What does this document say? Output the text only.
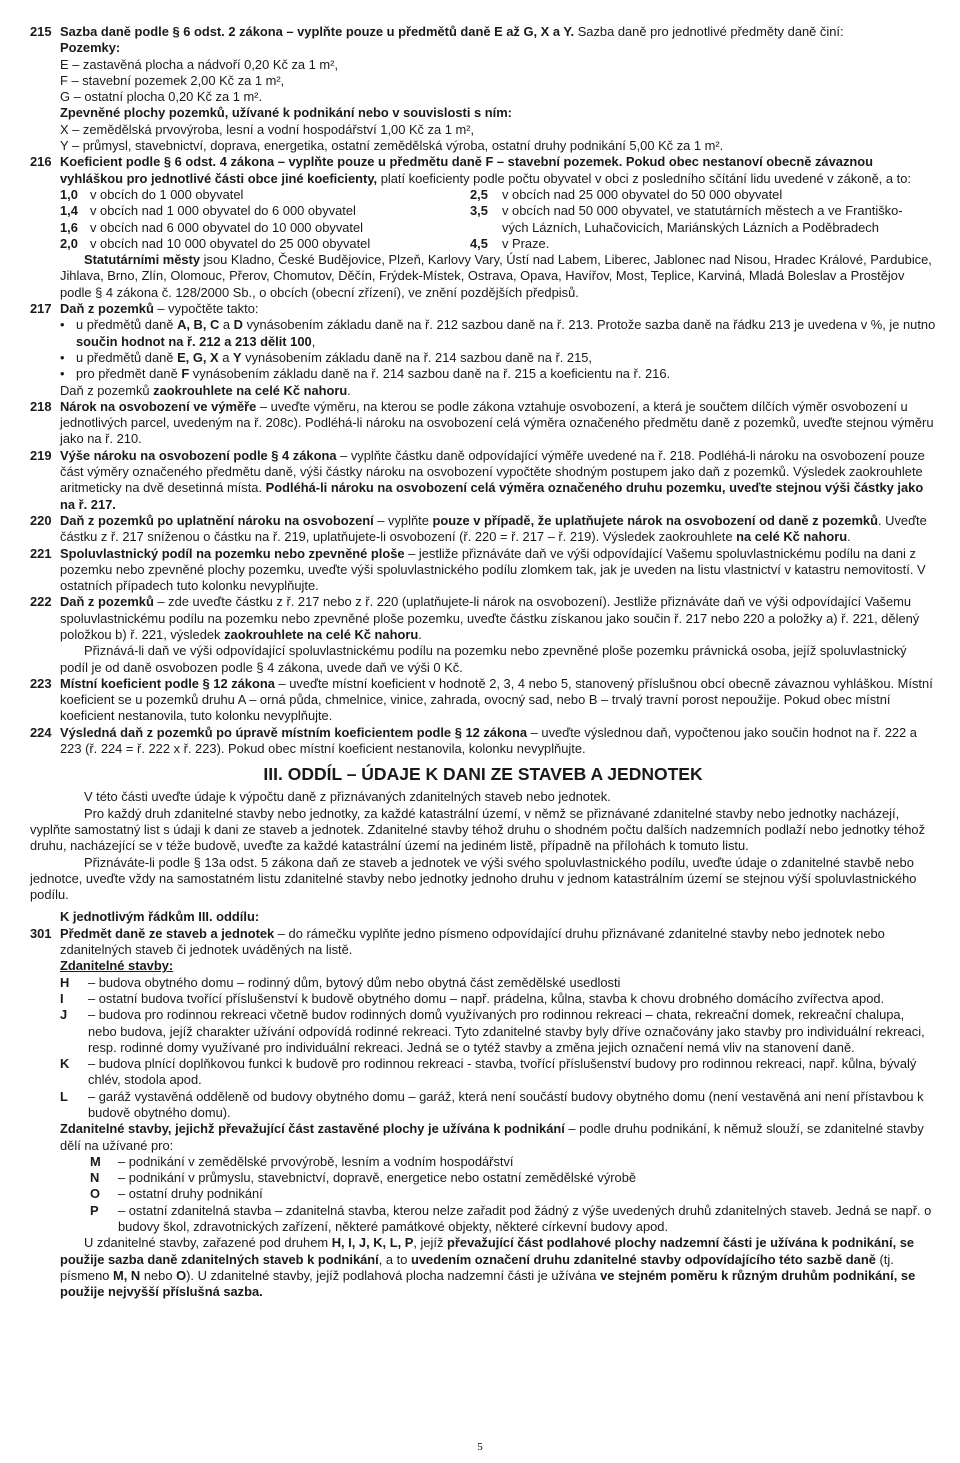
215 Sazba daně podle § 6 odst. 2 zákona – vyplňte pouze u předmětů daně E až G, X a Y. Sazba daně pro jednotlivé předměty daně činí:
Pozemky:
E – zastavěná plocha a nádvoří 0,20 Kč za 1 m²,
F – stavební pozemek 2,00 Kč za 1 m²,
G – ostatní plocha 0,20 Kč za 1 m².
Zpevněné plochy pozemků, užívané k podnikání nebo v souvislosti s ním:
X – zemědělská prvovýroba, lesní a vodní hospodářství 1,00 Kč za 1 m²,
Y – průmysl, stavebnictví, doprava, energetika, ostatní zemědělská výroba, ostatní druhy podnikání 5,00 Kč za 1 m².
216 Koeficient podle § 6 odst. 4 zákona – vyplňte pouze u předmětu daně F – stavební pozemek. Pokud obec nestanoví obecně závaznou vyhláškou pro jednotlivé části obce jiné koeficienty, platí koeficienty podle počtu obyvatel v obci z posledního sčítání lidu uvedené v zákoně, a to:
1,0 v obcích do 1 000 obyvatel	2,5	v obcích nad 25 000 obyvatel do 50 000 obyvatel
1,4 v obcích nad 1 000 obyvatel do 6 000 obyvatel	3,5	v obcích nad 50 000 obyvatel, ve statutárních městech a ve Františko-
1,6 v obcích nad 6 000 obyvatel do 10 000 obyvatel	vých Lázních, Luhačovicích, Mariánských Lázních a Poděbradech
2,0 v obcích nad 10 000 obyvatel do 25 000 obyvatel	4,5	v Praze.
Statutárními městy jsou Kladno, České Budějovice, Plzeň, Karlovy Vary, Ústí nad Labem, Liberec, Jablonec nad Nisou, Hradec Králové, Pardubice, Jihlava, Brno, Zlín, Olomouc, Přerov, Chomutov, Děčín, Frýdek-Místek, Ostrava, Opava, Havířov, Most, Teplice, Karviná, Mladá Boleslav a Prostějov podle § 4 zákona č. 128/2000 Sb., o obcích (obecní zřízení), ve znění pozdějších předpisů.
217 Daň z pozemků – vypočtěte takto:
• u předmětů daně A, B, C a D vynásobením základu daně na ř. 212 sazbou daně na ř. 213. Protože sazba daně na řádku 213 je uvedena v %, je nutno součin hodnot na ř. 212 a 213 dělit 100,
• u předmětů daně E, G, X a Y vynásobením základu daně na ř. 214 sazbou daně na ř. 215,
• pro předmět daně F vynásobením základu daně na ř. 214 sazbou daně na ř. 215 a koeficientu na ř. 216.
Daň z pozemků zaokrouhlete na celé Kč nahoru.
218 Nárok na osvobození ve výměře – uveďte výměru, na kterou se podle zákona vztahuje osvobození, a která je součtem dílčích výměr osvobození u jednotlivých parcel, uvedeným na ř. 208c). Podléhá-li nároku na osvobození celá výměra označeného předmětu daně z pozemků, uveďte stejnou výměru jako na ř. 210.
219 Výše nároku na osvobození podle § 4 zákona – vyplňte částku daně odpovídající výměře uvedené na ř. 218. Podléhá-li nároku na osvobození pouze část výměry označeného předmětu daně, výši částky nároku na osvobození vypočtěte shodným postupem jako daň z pozemků. Výsledek zaokrouhlete aritmeticky na dvě desetinná místa. Podléhá-li nároku na osvobození celá výměra označeného druhu pozemku, uveďte stejnou výši částky jako na ř. 217.
220 Daň z pozemků po uplatnění nároku na osvobození – vyplňte pouze v případě, že uplatňujete nárok na osvobození od daně z pozemků. Uveďte částku z ř. 217 sníženou o částku na ř. 219, uplatňujete-li osvobození (ř. 220 = ř. 217 – ř. 219). Výsledek zaokrouhlete na celé Kč nahoru.
221 Spoluvlastnický podíl na pozemku nebo zpevněné ploše – jestliže přiznáváte daň ve výši odpovídající Vašemu spoluvlastnickému podílu na dani z pozemku nebo zpevněné plochy pozemku, uveďte výši spoluvlastnického podílu zlomkem tak, jak je uveden na listu vlastnictví v katastru nemovitostí. V ostatních případech tuto kolonku nevyplňujte.
222 Daň z pozemků – zde uveďte částku z ř. 217 nebo z ř. 220 (uplatňujete-li nárok na osvobození). Jestliže přiznáváte daň ve výši odpovídající Vašemu spoluvlastnickému podílu na pozemku nebo zpevněné ploše pozemku, uveďte částku získanou jako součin ř. 217 nebo 220 a položky a) ř. 221, dělený položkou b) ř. 221, výsledek zaokrouhlete na celé Kč nahoru.
Přiznává-li daň ve výši odpovídající spoluvlastnickému podílu na pozemku nebo zpevněné ploše pozemku právnická osoba, jejíž spoluvlastnický podíl je od daně osvobozen podle § 4 zákona, uvede daň ve výši 0 Kč.
223 Místní koeficient podle § 12 zákona – uveďte místní koeficient v hodnotě 2, 3, 4 nebo 5, stanovený příslušnou obcí obecně závaznou vyhláškou. Místní koeficient se u pozemků druhu A – orná půda, chmelnice, vinice, zahrada, ovocný sad, nebo B – trvalý travní porost nepoužije. Pokud obec místní koeficient nestanovila, tuto kolonku nevyplňujte.
224 Výsledná daň z pozemků po úpravě místním koeficientem podle § 12 zákona – uveďte výslednou daň, vypočtenou jako součin hodnot na ř. 222 a 223 (ř. 224 = ř. 222 x ř. 223). Pokud obec místní koeficient nestanovila, kolonku nevyplňujte.
III. ODDÍL – ÚDAJE K DANI ZE STAVEB A JEDNOTEK
V této části uveďte údaje k výpočtu daně z přiznávaných zdanitelných staveb nebo jednotek.
Pro každý druh zdanitelné stavby nebo jednotky, za každé katastrální území, v němž se přiznávané zdanitelné stavby nebo jednotky nacházejí, vyplňte samostatný list s údaji k dani ze staveb a jednotek. Zdanitelné stavby téhož druhu o shodném počtu dalších nadzemních podlaží nebo jednotky téhož druhu, nacházející se v téže budově, uveďte za každé katastrální území na jediném listě, případně na přílohách k tomuto listu.
Přiznáváte-li podle § 13a odst. 5 zákona daň ze staveb a jednotek ve výši svého spoluvlastnického podílu, uveďte údaje o zdanitelné stavbě nebo jednotce, uveďte vždy na samostatném listu zdanitelné stavby nebo jednotky jednoho druhu v jednom katastrálním území se stejnou výší spoluvlastnického podílu.
K jednotlivým řádkům III. oddílu:
301 Předmět daně ze staveb a jednotek – do rámečku vyplňte jedno písmeno odpovídající druhu přiznávané zdanitelné stavby nebo jednotek nebo zdanitelných staveb či jednotek uváděných na listě.
Zdanitelné stavby:
H	– budova obytného domu – rodinný dům, bytový dům nebo obytná část zemědělské usedlosti
I	– ostatní budova tvořící příslušenství k budově obytného domu – např. prádelna, kůlna, stavba k chovu drobného domácího zvířectva apod.
J	– budova pro rodinnou rekreaci včetně budov rodinných domů využívaných pro rodinnou rekreaci – chata, rekreační domek, rekreační chalupa, nebo budova, jejíž charakter užívání odpovídá rodinné rekreaci. Tyto zdanitelné stavby byly dříve označovány jako stavby pro individuální rekreaci, resp. rodinné domy využívané pro individuální rekreaci. Jedná se o tytéž stavby a změna jejich označení nemá vliv na stanovení daně.
K	– budova plnící doplňkovou funkci k budově pro rodinnou rekreaci - stavba, tvořící příslušenství budovy pro rodinnou rekreaci, např. kůlna, bývalý chlév, stodola apod.
L	– garáž vystavěná odděleně od budovy obytného domu – garáž, která není součástí budovy obytného domu (není vestavěná ani není přístavbou k budově obytného domu).
Zdanitelné stavby, jejichž převažující část zastavěné plochy je užívána k podnikání – podle druhu podnikání, k němuž slouží, se zdanitelné stavby dělí na užívané pro:
M	– podnikání v zemědělské prvovýrobě, lesním a vodním hospodářství
N	– podnikání v průmyslu, stavebnictví, dopravě, energetice nebo ostatní zemědělské výrobě
O	– ostatní druhy podnikání
P	– ostatní zdanitelná stavba – zdanitelná stavba, kterou nelze zařadit pod žádný z výše uvedených druhů zdanitelných staveb. Jedná se např. o budovy škol, zdravotnických zařízení, některé památkové objekty, některé církevní budovy apod.
U zdanitelné stavby, zařazené pod druhem H, I, J, K, L, P, jejíž převažující část podlahové plochy nadzemní části je užívána k podnikání, se použije sazba daně zdanitelných staveb k podnikání, a to uvedením označení druhu zdanitelné stavby odpovídajícího této sazbě daně (tj. písmeno M, N nebo O). U zdanitelné stavby, jejíž podlahová plocha nadzemní části je užívána ve stejném poměru k různým druhům podnikání, se použije nejvyšší příslušná sazba.
5
